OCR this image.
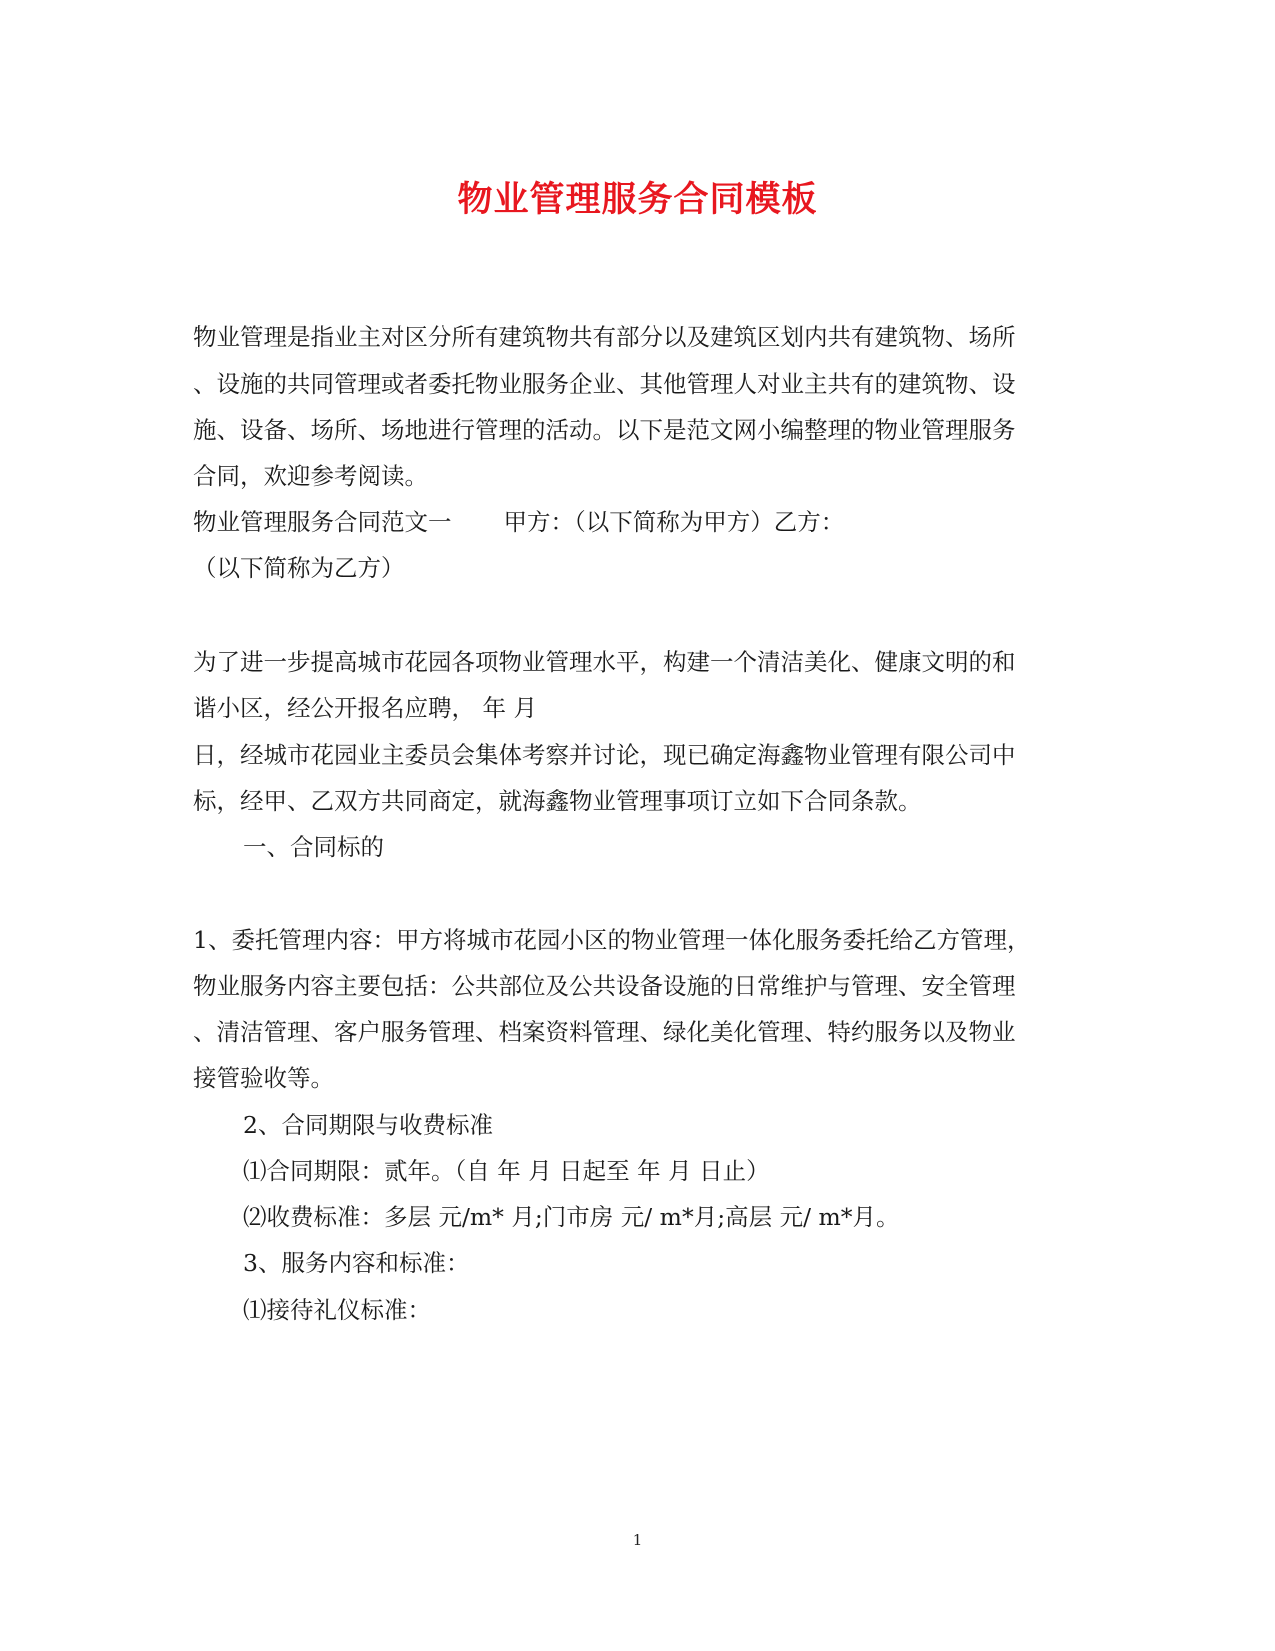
物业管理服务合同模板
物业管理是指业主对区分所有建筑物共有部分以及建筑区划内共有建筑物、场所
、设施的共同管理或者委托物业服务企业、其他管理人对业主共有的建筑物、设
施、设备、场所、场地进行管理的活动。以下是范文网小编整理的物业管理服务
合同，欢迎参考阅读。
物业管理服务合同范文一 甲方：（以下简称为甲方）乙方：
（以下简称为乙方）
为了进一步提高城市花园各项物业管理水平，构建一个清洁美化、健康文明的和
谐小区，经公开报名应聘， 年 月
日，经城市花园业主委员会集体考察并讨论，现已确定海鑫物业管理有限公司中
标，经甲、乙双方共同商定，就海鑫物业管理事项订立如下合同条款。
一、合同标的
1、委托管理内容：甲方将城市花园小区的物业管理一体化服务委托给乙方管理，
物业服务内容主要包括：公共部位及公共设备设施的日常维护与管理、安全管理
、清洁管理、客户服务管理、档案资料管理、绿化美化管理、特约服务以及物业
接管验收等。
2、合同期限与收费标准
⑴合同期限：贰年。（自 年 月 日起至 年 月 日止）
⑵收费标准：多层 元/m* 月;门市房 元/ m*月;高层 元/ m*月。
3、服务内容和标准：
⑴接待礼仪标准：
1
